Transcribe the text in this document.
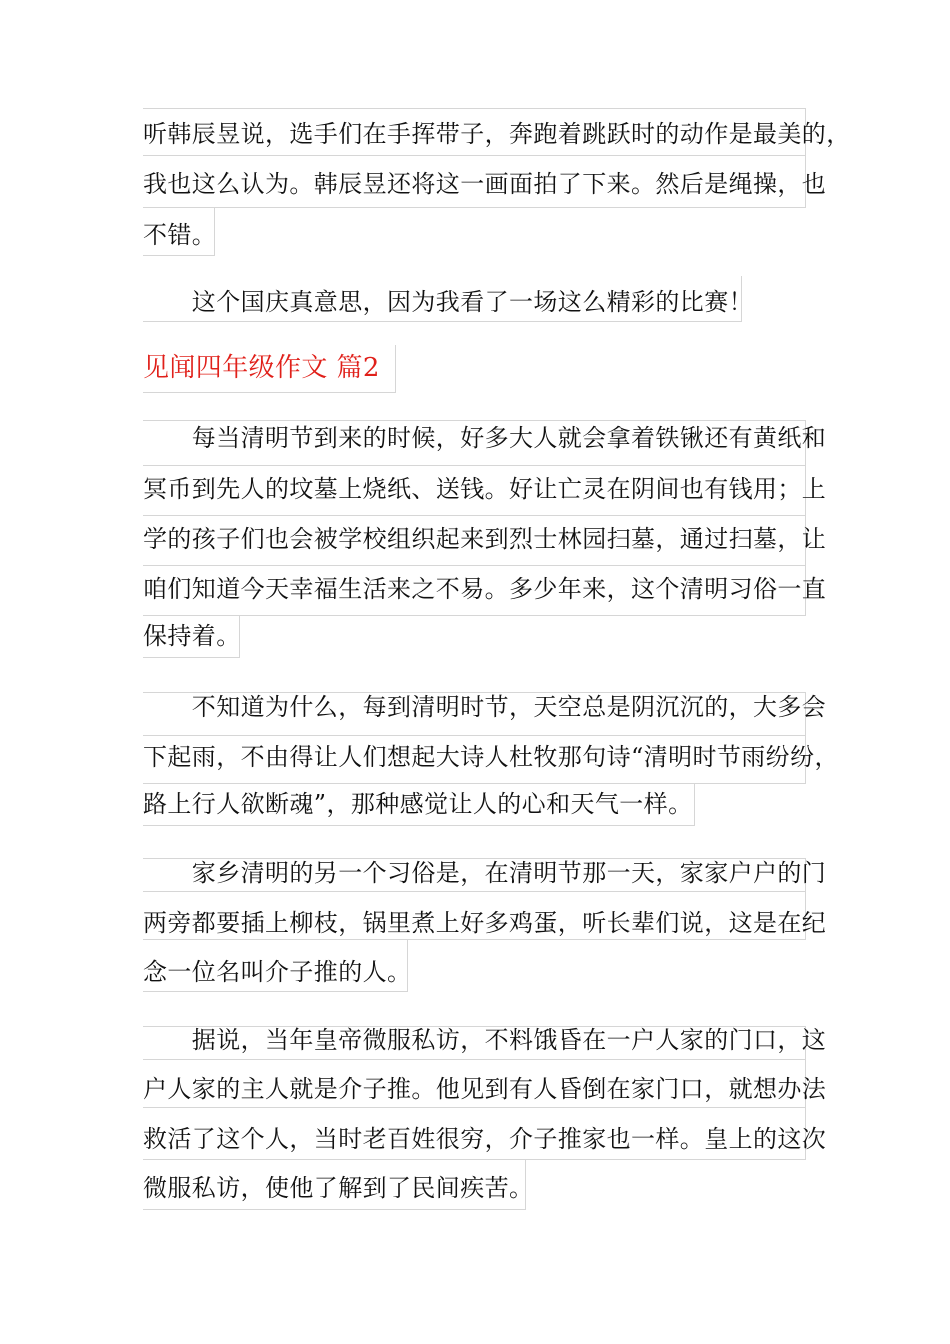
听韩辰昱说，选手们在手挥带子，奔跑着跳跃时的动作是最美的，
我也这么认为。韩辰昱还将这一画面拍了下来。然后是绳操，也
不错。
　　这个国庆真意思，因为我看了一场这么精彩的比赛！
见闻四年级作文 篇2
　　每当清明节到来的时候，好多大人就会拿着铁锹还有黄纸和
冥币到先人的坟墓上烧纸、送钱。好让亡灵在阴间也有钱用；上
学的孩子们也会被学校组织起来到烈士林园扫墓，通过扫墓，让
咱们知道今天幸福生活来之不易。多少年来，这个清明习俗一直
保持着。
　　不知道为什么，每到清明时节，天空总是阴沉沉的，大多会
下起雨，不由得让人们想起大诗人杜牧那句诗“清明时节雨纷纷，
路上行人欲断魂”，那种感觉让人的心和天气一样。
　　家乡清明的另一个习俗是，在清明节那一天，家家户户的门
两旁都要插上柳枝，锅里煮上好多鸡蛋，听长辈们说，这是在纪
念一位名叫介子推的人。
　　据说，当年皇帝微服私访，不料饿昏在一户人家的门口，这
户人家的主人就是介子推。他见到有人昏倒在家门口，就想办法
救活了这个人，当时老百姓很穷，介子推家也一样。皇上的这次
微服私访，使他了解到了民间疾苦。
